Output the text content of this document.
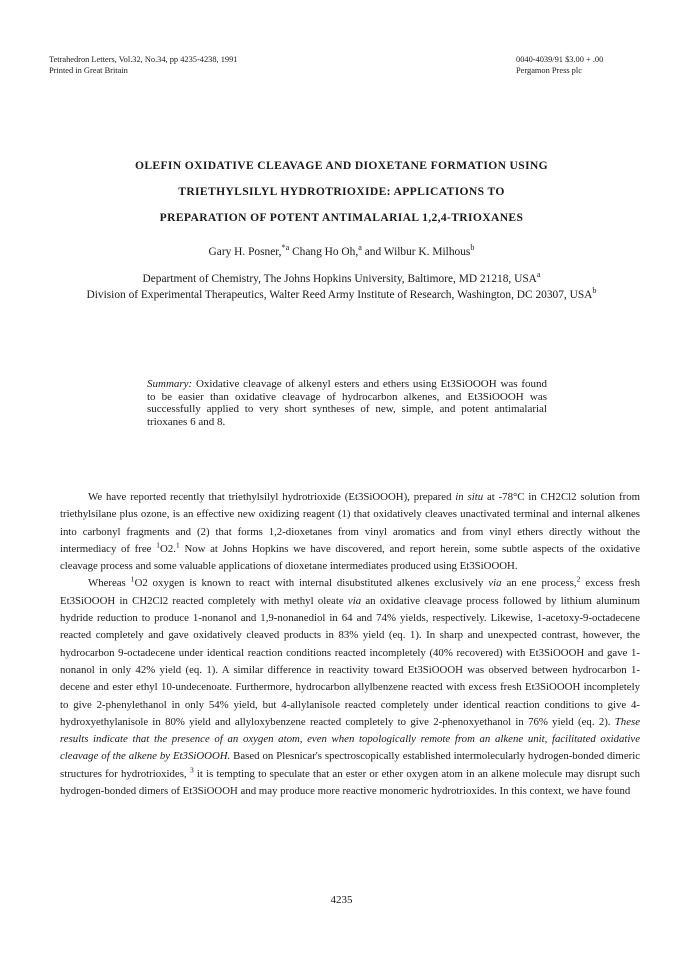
Tetrahedron Letters, Vol.32, No.34, pp 4235-4238, 1991
Printed in Great Britain
0040-4039/91 $3.00 + .00
Pergamon Press plc
OLEFIN OXIDATIVE CLEAVAGE AND DIOXETANE FORMATION USING
TRIETHYLSILYL HYDROTRIOXIDE: APPLICATIONS TO
PREPARATION OF POTENT ANTIMALARIAL 1,2,4-TRIOXANES
Gary H. Posner,$^{*a}$ Chang Ho Oh,$^a$ and Wilbur K. Milhous$^b$
Department of Chemistry, The Johns Hopkins University, Baltimore, MD 21218, USA$^a$
Division of Experimental Therapeutics, Walter Reed Army Institute of Research, Washington, DC 20307, USA$^b$
Summary: Oxidative cleavage of alkenyl esters and ethers using Et3SiOOOH was found to be easier than oxidative cleavage of hydrocarbon alkenes, and Et3SiOOOH was successfully applied to very short syntheses of new, simple, and potent antimalarial trioxanes 6 and 8.

We have reported recently that triethylsilyl hydrotrioxide (Et3SiOOOH), prepared in situ at -78°C in CH2Cl2 solution from triethylsilane plus ozone, is an effective new oxidizing reagent (1) that oxidatively cleaves unactivated terminal and internal alkenes into carbonyl fragments and (2) that forms 1,2-dioxetanes from vinyl aromatics and from vinyl ethers directly without the intermediacy of free $^1$O2.$^1$ Now at Johns Hopkins we have discovered, and report herein, some subtle aspects of the oxidative cleavage process and some valuable applications of dioxetane intermediates produced using Et3SiOOOH.

Whereas $^1$O2 oxygen is known to react with internal disubstituted alkenes exclusively via an ene process,$^2$ excess fresh Et3SiOOOH in CH2Cl2 reacted completely with methyl oleate via an oxidative cleavage process followed by lithium aluminum hydride reduction to produce 1-nonanol and 1,9-nonanediol in 64 and 74% yields, respectively. Likewise, 1-acetoxy-9-octadecene reacted completely and gave oxidatively cleaved products in 83% yield (eq. 1). In sharp and unexpected contrast, however, the hydrocarbon 9-octadecene under identical reaction conditions reacted incompletely (40% recovered) with Et3SiOOOH and gave 1-nonanol in only 42% yield (eq. 1). A similar difference in reactivity toward Et3SiOOOH was observed between hydrocarbon 1-decene and ester ethyl 10-undecenoate. Furthermore, hydrocarbon allylbenzene reacted with excess fresh Et3SiOOOH incompletely to give 2-phenylethanol in only 54% yield, but 4-allylanisole reacted completely under identical reaction conditions to give 4-hydroxyethylanisole in 80% yield and allyloxybenzene reacted completely to give 2-phenoxyethanol in 76% yield (eq. 2). These results indicate that the presence of an oxygen atom, even when topologically remote from an alkene unit, facilitated oxidative cleavage of the alkene by Et3SiOOOH. Based on Plesnicar's spectroscopically established intermolecularly hydrogen-bonded dimeric structures for hydrotrioxides, $^3$ it is tempting to speculate that an ester or ether oxygen atom in an alkene molecule may disrupt such hydrogen-bonded dimers of Et3SiOOOH and may produce more reactive monomeric hydrotrioxides. In this context, we have found

4235
